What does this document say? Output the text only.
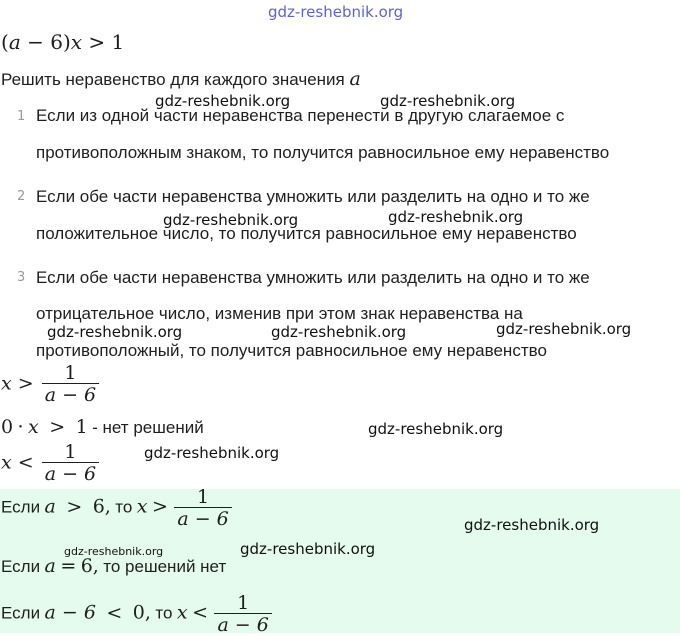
gdz-reshebnik.org
(a − 6)x > 1
Решить неравенство для каждого значения a
1 Если из одной части неравенства перенести в другую слагаемое с
противоположным знаком, то получится равносильное ему неравенство
2 Если обе части неравенства умножить или разделить на одно и то же
положительное число, то получится равносильное ему неравенство
3 Если обе части неравенства умножить или разделить на одно и то же
отрицательное число, изменив при этом знак неравенства на
противоположный, то получится равносильное ему неравенство
$x > \frac{1}{a - 6}$
0 · x > 1 - нет решений
$x < \frac{1}{a - 6}$
Если a > 6, то $x > \frac{1}{a - 6}$
Если a = 6, то решений нет
Если a − 6 < 0, то $x < \frac{1}{a - 6}$
gdz-reshebnik.org	gdz-reshebnik.org
gdz-reshebnik.org	gdz-reshebnik.org
gdz-reshebnik.org	gdz-reshebnik.org	gdz-reshebnik.org
gdz-reshebnik.org
gdz-reshebnik.org
gdz-reshebnik.org
gdz-reshebnik.org	gdz-reshebnik.org
